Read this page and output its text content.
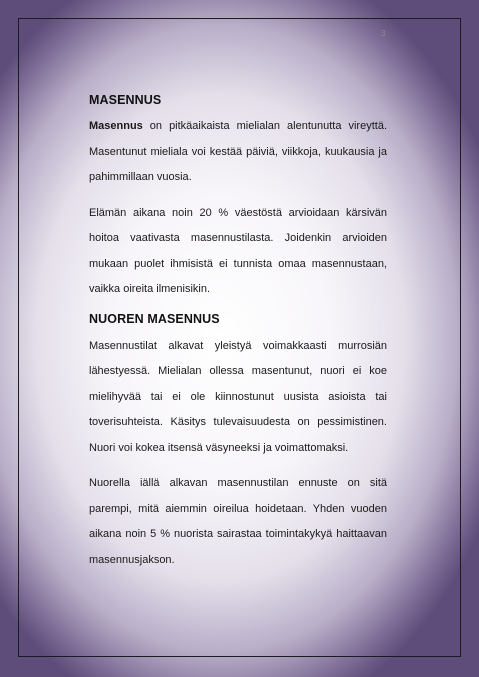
3
MASENNUS

Masennus on pitkäaikaista mielialan alentunutta vireyttä. Masentunut mieliala voi kestää päiviä, viikkoja, kuukausia ja pahimmillaan vuosia.

Elämän aikana noin 20 % väestöstä arvioidaan kärsivän hoitoa vaativasta masennustilasta. Joidenkin arvioiden mukaan puolet ihmisistä ei tunnista omaa masennustaan, vaikka oireita ilmenisikin.

NUOREN MASENNUS

Masennustilat alkavat yleistyä voimakkaasti murrosiän lähestyessä. Mielialan ollessa masentunut, nuori ei koe mielihyvää tai ei ole kiinnostunut uusista asioista tai toverisuhteista. Käsitys tulevaisuudesta on pessimistinen. Nuori voi kokea itsensä väsyneeksi ja voimattomaksi.

Nuorella iällä alkavan masennustilan ennuste on sitä parempi, mitä aiemmin oireilua hoidetaan. Yhden vuoden aikana noin 5 % nuorista sairastaa toimintakykyä haittaavan masennusjakson.
